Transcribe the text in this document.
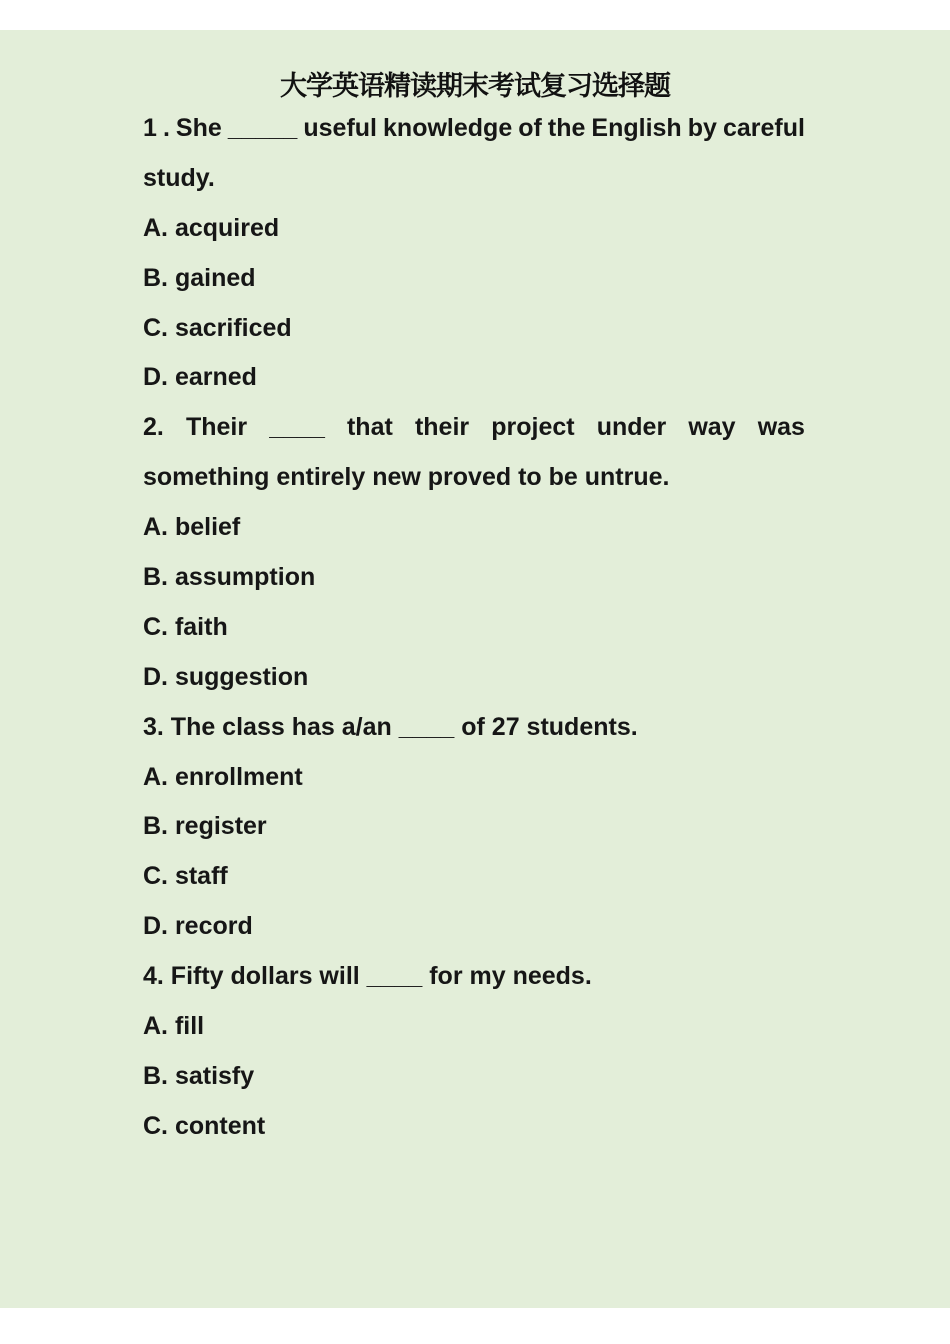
大学英语精读期末考试复习选择题
1 . She _____ useful knowledge of the English by careful
study.
A. acquired
B. gained
C. sacrificed
D. earned
2. Their ____ that their project under way was
something entirely new proved to be untrue.
A. belief
B. assumption
C. faith
D. suggestion
3. The class has a/an ____ of 27 students.
A. enrollment
B. register
C. staff
D. record
4. Fifty dollars will ____ for my needs.
A. fill
B. satisfy
C. content
